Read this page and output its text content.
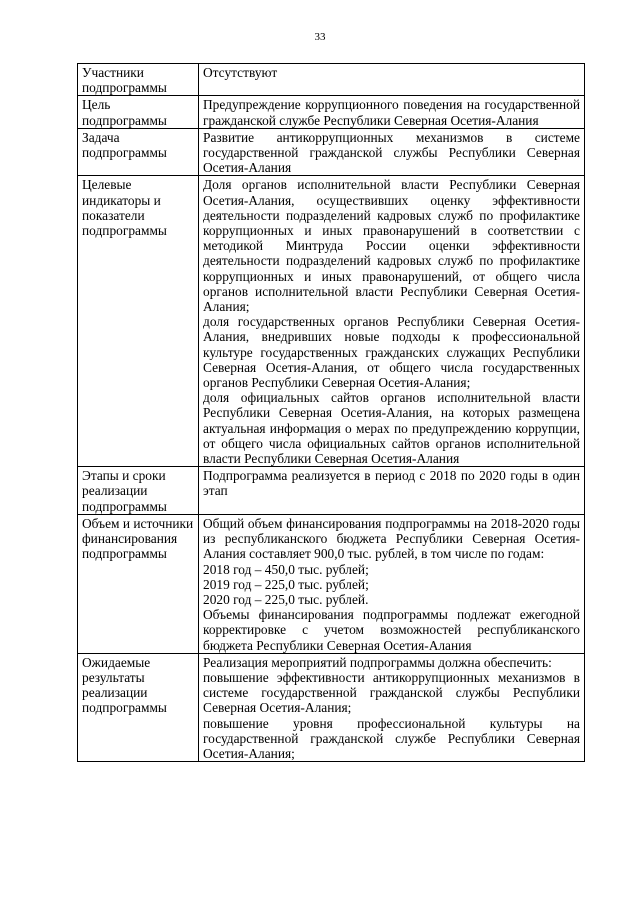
33
Участники подпрограммы	Отсутствуют

Цель подпрограммы	Предупреждение коррупционного поведения на государственной гражданской службе Республики Северная Осетия-Алания

Задача подпрограммы	Развитие антикоррупционных механизмов в системе государственной гражданской службы Республики Северная Осетия-Алания

Целевые индикаторы и показатели подпрограммы	Доля органов исполнительной власти Республики Северная Осетия-Алания, осуществивших оценку эффективности деятельности подразделений кадровых служб по профилактике коррупционных и иных правонарушений в соответствии с методикой Минтруда России оценки эффективности деятельности подразделений кадровых служб по профилактике коррупционных и иных правонарушений, от общего числа органов исполнительной власти Республики Северная Осетия-Алания;
доля государственных органов Республики Северная Осетия-Алания, внедривших новые подходы к профессиональной культуре государственных гражданских служащих Республики Северная Осетия-Алания, от общего числа государственных органов Республики Северная Осетия-Алания;
доля официальных сайтов органов исполнительной власти Республики Северная Осетия-Алания, на которых размещена актуальная информация о мерах по предупреждению коррупции, от общего числа официальных сайтов органов исполнительной власти Республики Северная Осетия-Алания

Этапы и сроки реализации подпрограммы	Подпрограмма реализуется в период с 2018 по 2020 годы в один этап

Объем и источники финансирования подпрограммы	Общий объем финансирования подпрограммы на 2018-2020 годы из республиканского бюджета Республики Северная Осетия-Алания составляет 900,0 тыс. рублей, в том числе по годам:
2018 год – 450,0 тыс. рублей;
2019 год – 225,0 тыс. рублей;
2020 год – 225,0 тыс. рублей.
Объемы финансирования подпрограммы подлежат ежегодной корректировке с учетом возможностей республиканского бюджета Республики Северная Осетия-Алания

Ожидаемые результаты реализации подпрограммы	Реализация мероприятий подпрограммы должна обеспечить:
повышение эффективности антикоррупционных механизмов в системе государственной гражданской службы Республики Северная Осетия-Алания;
повышение уровня профессиональной культуры на государственной гражданской службе Республики Северная Осетия-Алания;
